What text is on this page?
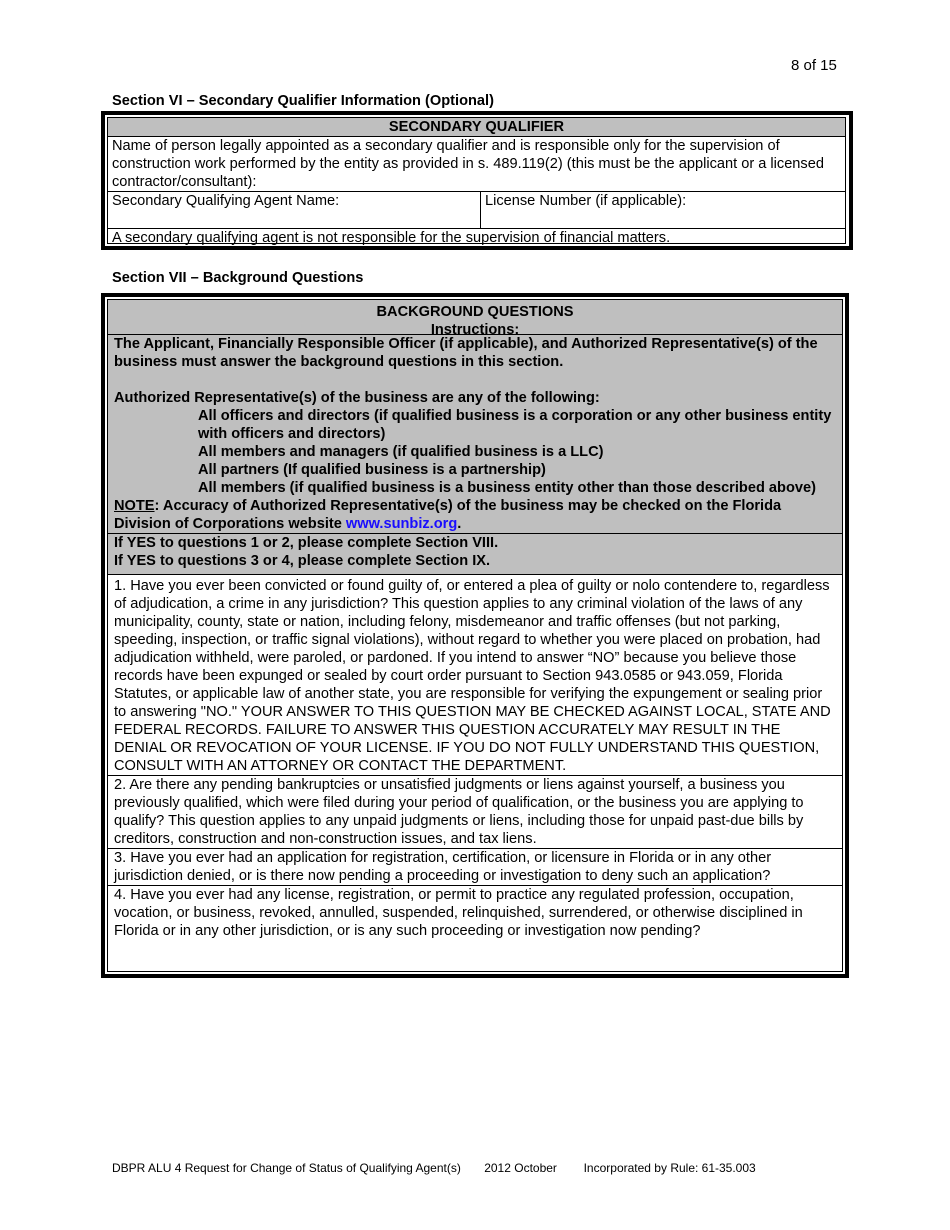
8 of 15
Section VI – Secondary Qualifier Information (Optional)
SECONDARY QUALIFIER
Name of person legally appointed as a secondary qualifier and is responsible only for the supervision of construction work performed by the entity as provided in s. 489.119(2) (this must be the applicant or a licensed contractor/consultant):
Secondary Qualifying Agent Name:	License Number (if applicable):
A secondary qualifying agent is not responsible for the supervision of financial matters.
Section VII – Background Questions
BACKGROUND QUESTIONS
Instructions:

The Applicant, Financially Responsible Officer (if applicable), and Authorized Representative(s) of the business must answer the background questions in this section.

Authorized Representative(s) of the business are any of the following:

All officers and directors (if qualified business is a corporation or any other business entity with officers and directors)

All members and managers (if qualified business is a LLC)

All partners (If qualified business is a partnership)

All members (if qualified business is a business entity other than those described above)

NOTE: Accuracy of Authorized Representative(s) of the business may be checked on the Florida Division of Corporations website www.sunbiz.org.

If YES to questions 1 or 2, please complete Section VIII.
If YES to questions 3 or 4, please complete Section IX.
1. Have you ever been convicted or found guilty of, or entered a plea of guilty or nolo contendere to, regardless of adjudication, a crime in any jurisdiction? This question applies to any criminal violation of the laws of any municipality, county, state or nation, including felony, misdemeanor and traffic offenses (but not parking, speeding, inspection, or traffic signal violations), without regard to whether you were placed on probation, had adjudication withheld, were paroled, or pardoned. If you intend to answer “NO” because you believe those records have been expunged or sealed by court order pursuant to Section 943.0585 or 943.059, Florida Statutes, or applicable law of another state, you are responsible for verifying the expungement or sealing prior to answering "NO." YOUR ANSWER TO THIS QUESTION MAY BE CHECKED AGAINST LOCAL, STATE AND FEDERAL RECORDS. FAILURE TO ANSWER THIS QUESTION ACCURATELY MAY RESULT IN THE DENIAL OR REVOCATION OF YOUR LICENSE. IF YOU DO NOT FULLY UNDERSTAND THIS QUESTION, CONSULT WITH AN ATTORNEY OR CONTACT THE DEPARTMENT.
2. Are there any pending bankruptcies or unsatisfied judgments or liens against yourself, a business you previously qualified, which were filed during your period of qualification, or the business you are applying to qualify? This question applies to any unpaid judgments or liens, including those for unpaid past-due bills by creditors, construction and non-construction issues, and tax liens.
3. Have you ever had an application for registration, certification, or licensure in Florida or in any other jurisdiction denied, or is there now pending a proceeding or investigation to deny such an application?
4. Have you ever had any license, registration, or permit to practice any regulated profession, occupation, vocation, or business, revoked, annulled, suspended, relinquished, surrendered, or otherwise disciplined in Florida or in any other jurisdiction, or is any such proceeding or investigation now pending?
DBPR ALU 4 Request for Change of Status of Qualifying Agent(s) 2012 October Incorporated by Rule: 61-35.003
